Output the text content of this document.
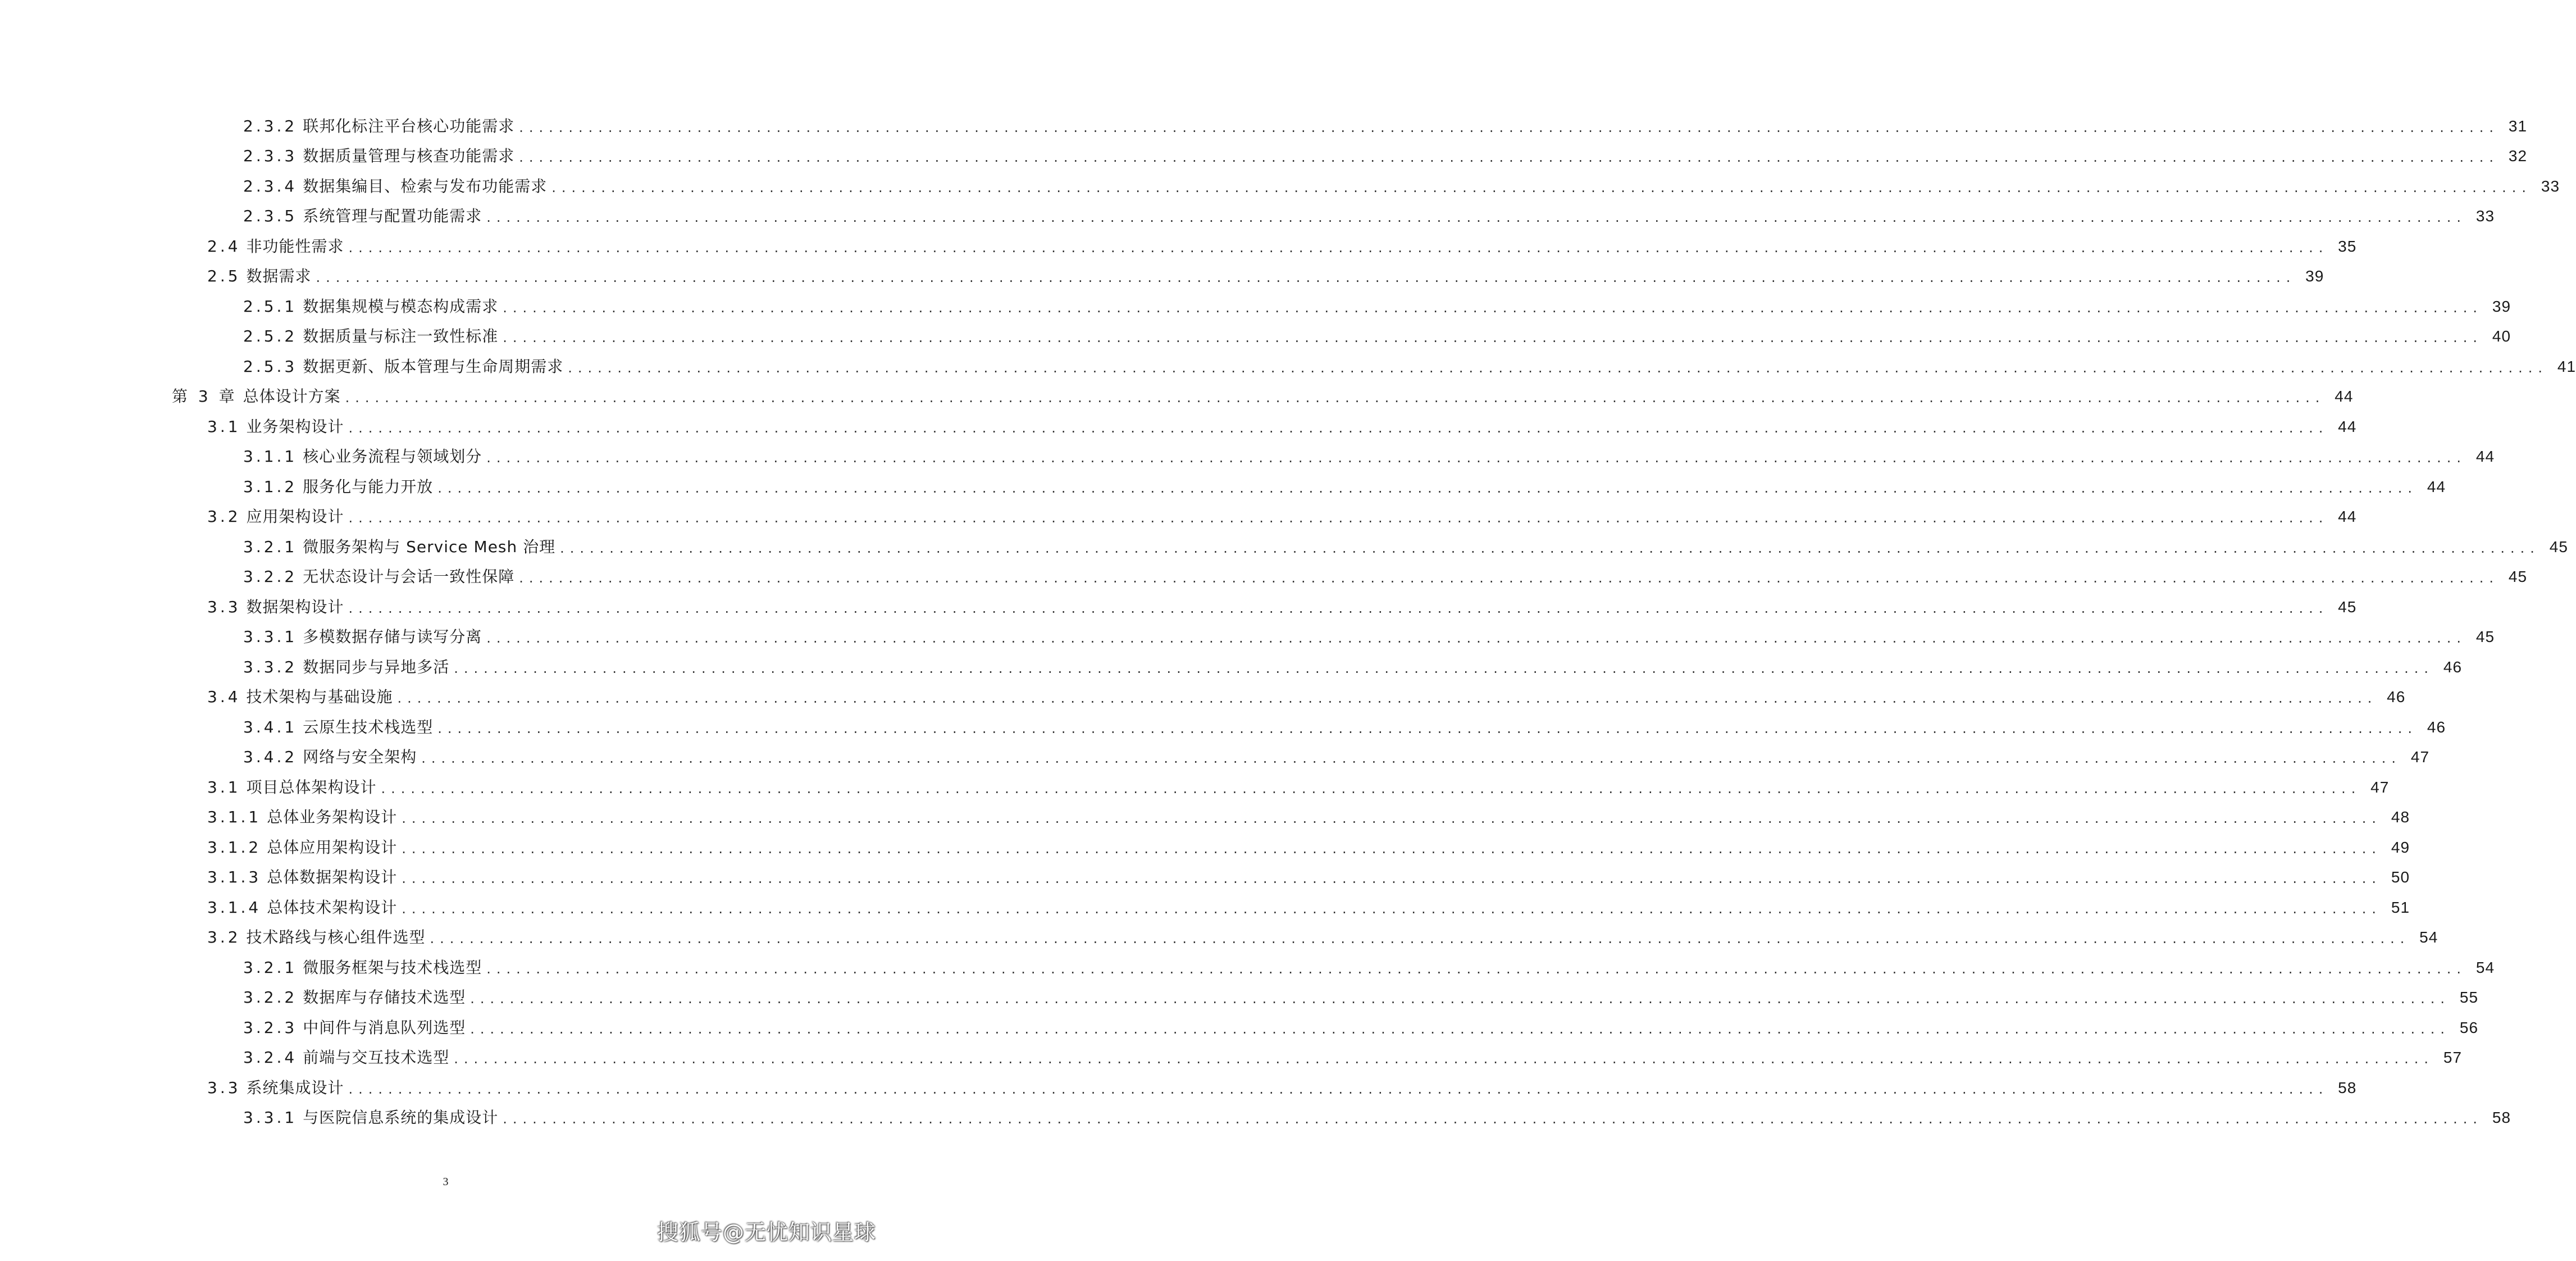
2.3.2 联邦化标注平台核心功能需求 ........................................................................................................................................................................................................ 31
2.3.3 数据质量管理与核查功能需求 ........................................................................................................................................................................................................ 32
2.3.4 数据集编目、检索与发布功能需求 ........................................................................................................................................................................................................ 33
2.3.5 系统管理与配置功能需求 ........................................................................................................................................................................................................ 33
2.4 非功能性需求 ........................................................................................................................................................................................................ 35
2.5 数据需求 ........................................................................................................................................................................................................ 39
2.5.1 数据集规模与模态构成需求 ........................................................................................................................................................................................................ 39
2.5.2 数据质量与标注一致性标准 ........................................................................................................................................................................................................ 40
2.5.3 数据更新、版本管理与生命周期需求 ........................................................................................................................................................................................................ 41
第 3 章 总体设计方案 ........................................................................................................................................................................................................ 44
3.1 业务架构设计 ........................................................................................................................................................................................................ 44
3.1.1 核心业务流程与领域划分 ........................................................................................................................................................................................................ 44
3.1.2 服务化与能力开放 ........................................................................................................................................................................................................ 44
3.2 应用架构设计 ........................................................................................................................................................................................................ 44
3.2.1 微服务架构与 Service Mesh 治理 ........................................................................................................................................................................................................ 45
3.2.2 无状态设计与会话一致性保障 ........................................................................................................................................................................................................ 45
3.3 数据架构设计 ........................................................................................................................................................................................................ 45
3.3.1 多模数据存储与读写分离 ........................................................................................................................................................................................................ 45
3.3.2 数据同步与异地多活 ........................................................................................................................................................................................................ 46
3.4 技术架构与基础设施 ........................................................................................................................................................................................................ 46
3.4.1 云原生技术栈选型 ........................................................................................................................................................................................................ 46
3.4.2 网络与安全架构 ........................................................................................................................................................................................................ 47
3.1 项目总体架构设计 ........................................................................................................................................................................................................ 47
3.1.1 总体业务架构设计 ........................................................................................................................................................................................................ 48
3.1.2 总体应用架构设计 ........................................................................................................................................................................................................ 49
3.1.3 总体数据架构设计 ........................................................................................................................................................................................................ 50
3.1.4 总体技术架构设计 ........................................................................................................................................................................................................ 51
3.2 技术路线与核心组件选型 ........................................................................................................................................................................................................ 54
3.2.1 微服务框架与技术栈选型 ........................................................................................................................................................................................................ 54
3.2.2 数据库与存储技术选型 ........................................................................................................................................................................................................ 55
3.2.3 中间件与消息队列选型 ........................................................................................................................................................................................................ 56
3.2.4 前端与交互技术选型 ........................................................................................................................................................................................................ 57
3.3 系统集成设计 ........................................................................................................................................................................................................ 58
3.3.1 与医院信息系统的集成设计 ........................................................................................................................................................................................................ 58
3
搜狐号@无忧知识星球
